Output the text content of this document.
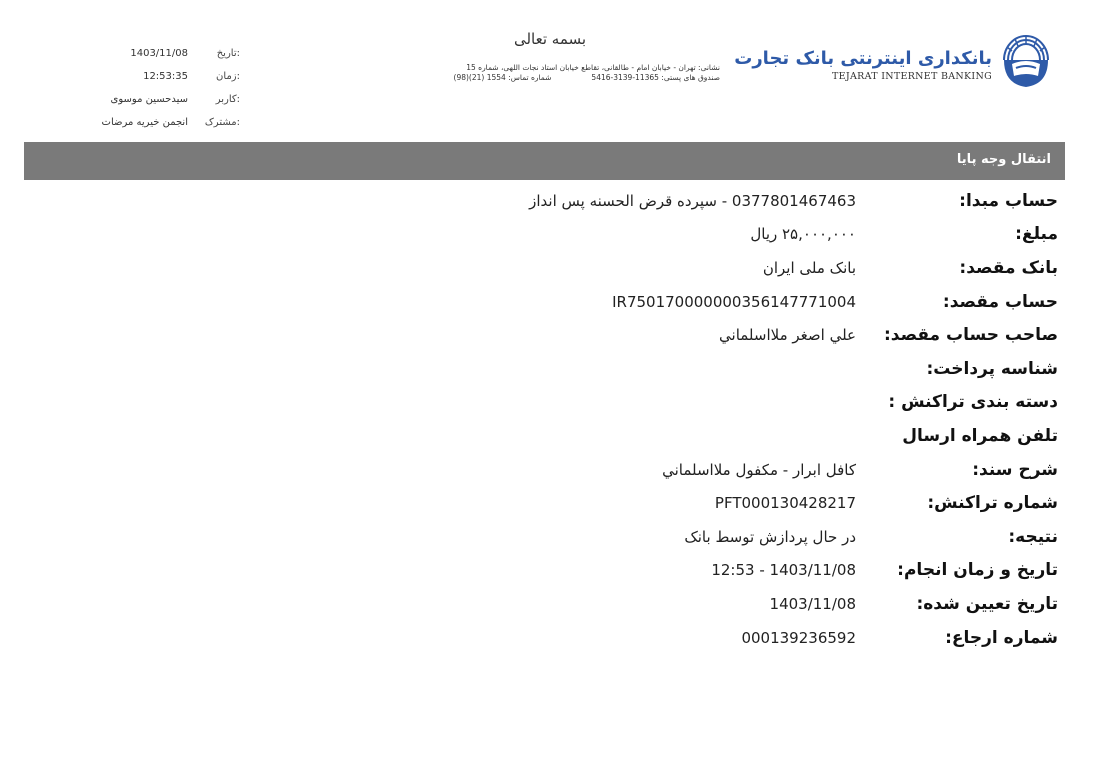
تاریخ:
1403/11/08
زمان:
12:53:35
کاربر:
سیدحسین موسوی
مشترک:
انجمن خیریه مرضات
بسمه تعالی
نشانی: تهران - خیابان امام - طالقانی، تقاطع خیابان استاد نجات اللهی، شماره 15
صندوق های پستی: 11365-3139-5416
شماره تماس: 1554 (21)(98)
بانکداری اینترنتی بانک تجارت
TEJARAT INTERNET BANKING
انتقال وجه پایا
حساب مبدا:
0377801467463 - سپرده قرض الحسنه پس انداز
مبلغ:
۲۵,۰۰۰,۰۰۰ ریال
بانک مقصد:
بانک ملی ایران
حساب مقصد:
IR750170000000356147771004
صاحب حساب مقصد:
علي اصغر ملااسلماني
شناسه پرداخت:
دسته بندی تراکنش :
تلفن همراه ارسال
شرح سند:
کافل ابرار - مکفول ملااسلماني
شماره تراکنش:
PFT000130428217
نتیجه:
در حال پردازش توسط بانک
تاریخ و زمان انجام:
1403/11/08 - 12:53
تاریخ تعیین شده:
1403/11/08
شماره ارجاع:
000139236592
